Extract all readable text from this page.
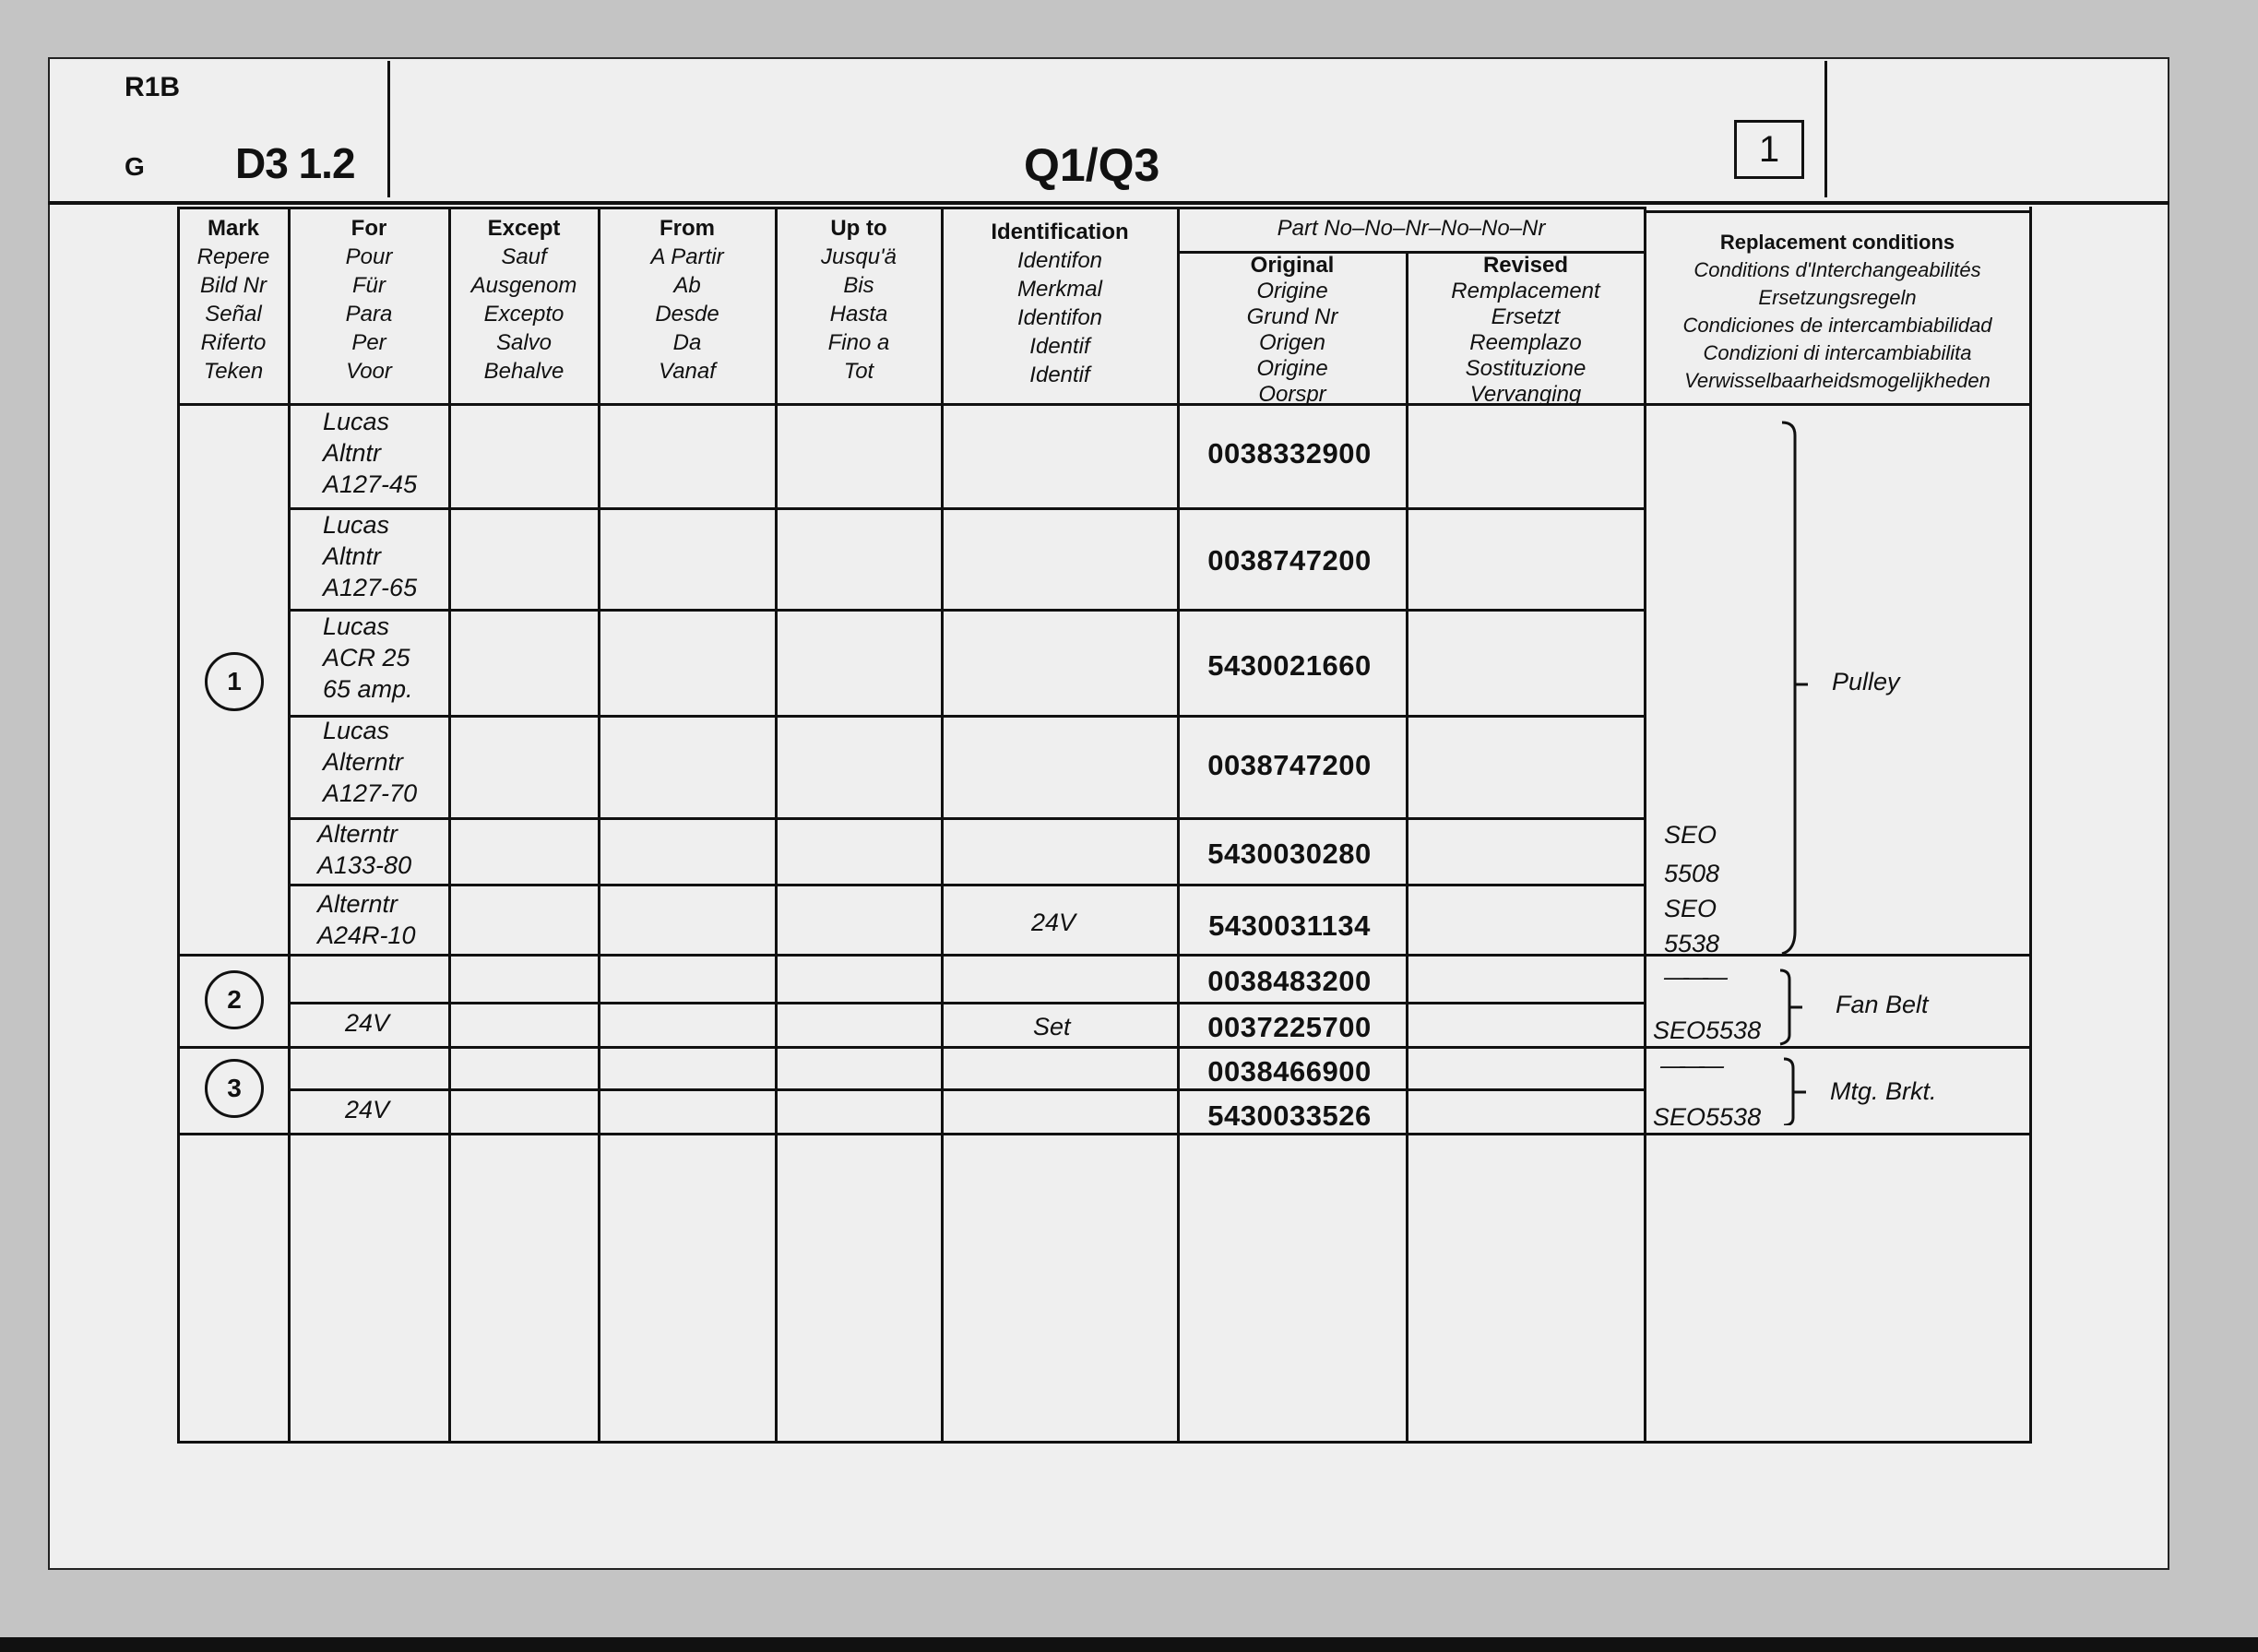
R1B
G D3 1.2	Q1/Q3	1
Mark
Repere
Bild Nr
Señal
Riferto
Teken
For
Pour
Für
Para
Per
Voor
Except
Sauf
Ausgenom
Excepto
Salvo
Behalve
From
A Partir
Ab
Desde
Da
Vanaf
Up to
Jusqu'ä
Bis
Hasta
Fino a
Tot
Identification
Identifon
Merkmal
Identifon
Identif
Identif
Part No–No–Nr–No–No–Nr
Original
Origine
Grund Nr
Origen
Origine
Oorspr
Revised
Remplacement
Ersetzt
Reemplazo
Sostituzione
Vervanging
Replacement conditions
Conditions d'Interchangeabilités
Ersetzungsregeln
Condiciones de intercambiabilidad
Condizioni di intercambiabilita
Verwisselbaarheidsmogelijkheden
1
2
3
Lucas
Altntr
A127-45
Lucas
Altntr
A127-65
Lucas
ACR 25
65 amp.
Lucas
Alterntr
A127-70
Alterntr
A133-80
Alterntr
A24R-10
24V
24V
24V
Set
0038332900
0038747200
5430021660
0038747200
5430030280
5430031134
0038483200
0037225700
0038466900
5430033526
SEO
5508
SEO
5538
———
SEO5538
———
SEO5538
Pulley
Fan Belt
Mtg. Brkt.
